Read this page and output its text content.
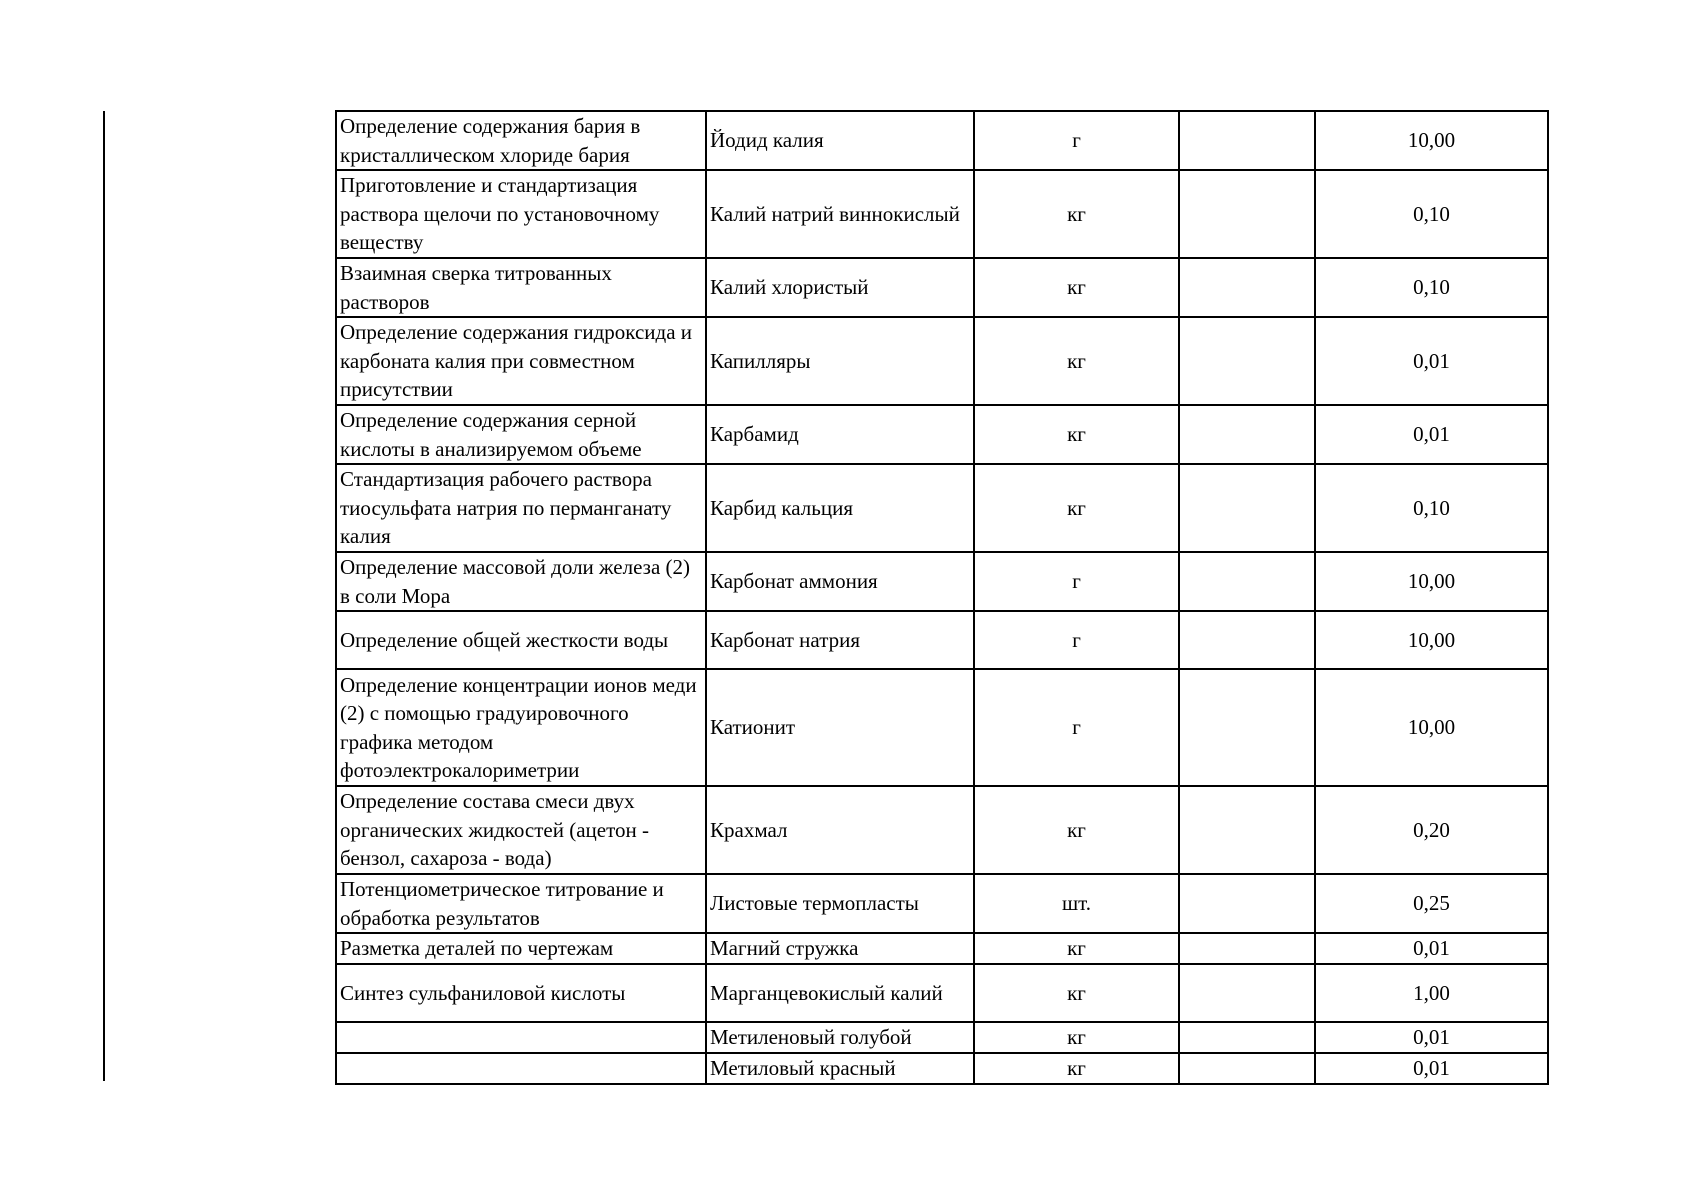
Определение содержания бария в кристаллическом хлориде бария	Йодид калия	г		10,00
Приготовление и стандартизация раствора щелочи по установочному веществу	Калий натрий виннокислый	кг		0,10
Взаимная сверка титрованных растворов	Калий хлористый	кг		0,10
Определение содержания гидроксида и карбоната калия при совместном присутствии	Капилляры	кг		0,01
Определение содержания серной кислоты в анализируемом объеме	Карбамид	кг		0,01
Стандартизация рабочего раствора тиосульфата натрия по перманганату калия	Карбид кальция	кг		0,10
Определение массовой доли железа (2) в соли Мора	Карбонат аммония	г		10,00
Определение общей жесткости воды	Карбонат натрия	г		10,00
Определение концентрации ионов меди (2) с помощью градуировочного графика методом фотоэлектрокалориметрии	Катионит	г		10,00
Определение состава смеси двух органических жидкостей (ацетон - бензол, сахароза - вода)	Крахмал	кг		0,20
Потенциометрическое титрование и обработка результатов	Листовые термопласты	шт.		0,25
Разметка деталей по чертежам	Магний стружка	кг		0,01
Синтез сульфаниловой кислоты	Марганцевокислый калий	кг		1,00
	Метиленовый голубой	кг		0,01
	Метиловый красный	кг		0,01
